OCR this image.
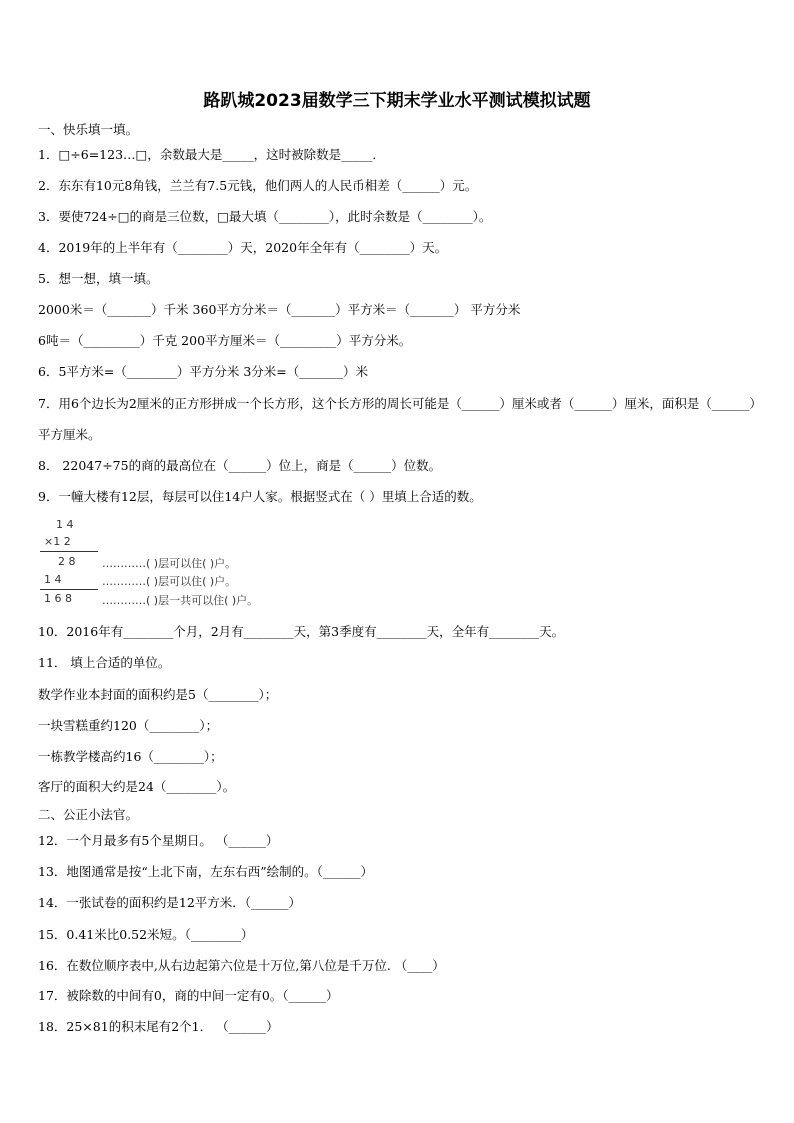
路趴城2023届数学三下期末学业水平测试模拟试题
一、快乐填一填。
1．□÷6=123…□，余数最大是_____，这时被除数是_____．
2．东东有10元8角钱，兰兰有7.5元钱，他们两人的人民币相差（______）元。
3．要使724÷□的商是三位数，□最大填（________），此时余数是（________）。
4．2019年的上半年有（________）天，2020年全年有（________）天。
5．想一想，填一填。
2000米＝（_______）千米 360平方分米＝（_______）平方米＝（_______） 平方分米
6吨＝（_________）千克 200平方厘米＝（_________）平方分米。
6．5平方米=（________）平方分米 3分米=（_______）米
7．用6个边长为2厘米的正方形拼成一个长方形，这个长方形的周长可能是（______）厘米或者（______）厘米，面积是（______）平方厘米。
8． 22047÷75的商的最高位在（______）位上，商是（______）位数。
9．一幢大楼有12层，每层可以住14户人家。根据竖式在（ ）里填上合适的数。
1 4
×1 2
2 8 …………( )层可以住( )户。
1 4	…………( )层可以住( )户。
1 6 8	…………( )层一共可以住( )户。
10．2016年有________个月，2月有________天，第3季度有________天，全年有________天。
11． 填上合适的单位。
数学作业本封面的面积约是5（________）；
一块雪糕重约120（________）；
一栋教学楼高约16（________）；
客厅的面积大约是24（________）。
二、公正小法官。
12．一个月最多有5个星期日。 （______）
13．地图通常是按“上北下南，左东右西”绘制的。（______）
14．一张试卷的面积约是12平方米．（______）
15．0.41米比0.52米短。（________）
16．在数位顺序表中,从右边起第六位是十万位,第八位是千万位. （____）
17．被除数的中间有0，商的中间一定有0。（______）
18．25×81的积末尾有2个1． （______）
